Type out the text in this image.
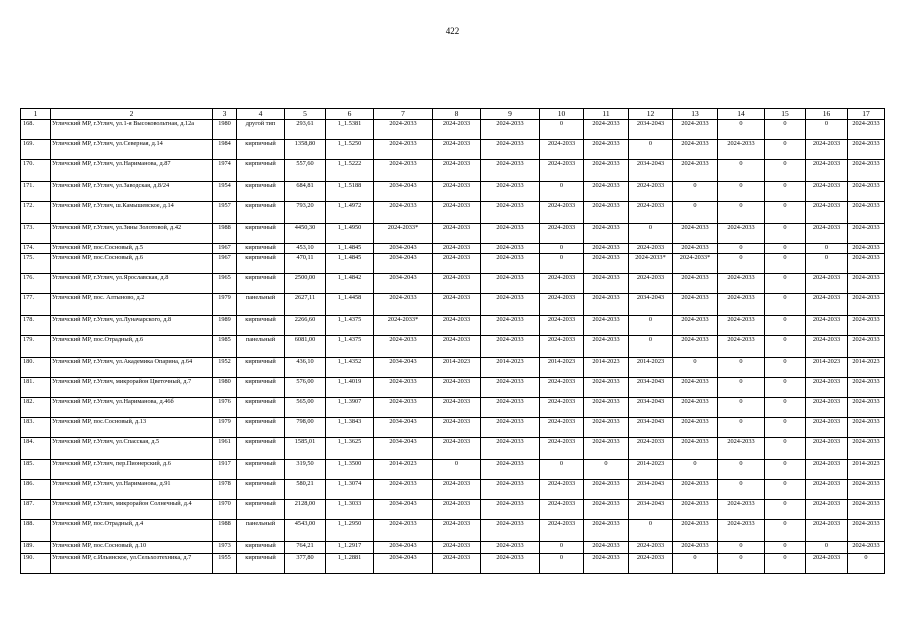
422
1	2	3	4	5	6	7	8	9	10	11	12	13	14	15	16	17
168.	Угличский МР, г.Углич, ул.1-я Высоковольтная, д.12а	1980	другой тип	293,61	1_1.5381	2024-2033	2024-2033	2024-2033	0	2024-2033	2034-2043	2024-2033	0	0	0	2024-2033
169.	Угличский МР, г.Углич, ул.Северная, д.14	1984	кирпичный	1358,80	1_1.5250	2024-2033	2024-2033	2024-2033	2024-2033	2024-2033	0	2024-2033	2024-2033	0	2024-2033	2024-2033
170.	Угличский МР, г.Углич, ул.Нариманова, д.87	1974	кирпичный	557,60	1_1.5222	2024-2033	2024-2033	2024-2033	2024-2033	2024-2033	2034-2043	2024-2033	0	0	2024-2033	2024-2033
171.	Угличский МР, г.Углич, ул.Заводская, д.8/24	1954	кирпичный	684,81	1_1.5188	2034-2043	2024-2033	2024-2033	0	2024-2033	2024-2033	0	0	0	2024-2033	2024-2033
172.	Угличский МР, г.Углич, ш.Камышевское, д.14	1957	кирпичный	793,20	1_1.4972	2024-2033	2024-2033	2024-2033	2024-2033	2024-2033	2024-2033	0	0	0	2024-2033	2024-2033
173.	Угличский МР, г.Углич, ул.Зины Золотовой, д.42	1988	кирпичный	4450,30	1_1.4950	2024-2033*	2024-2033	2024-2033	2024-2033	2024-2033	0	2024-2033	2024-2033	0	2024-2033	2024-2033
174.	Угличский МР, пос.Сосновый, д.5	1967	кирпичный	453,10	1_1.4845	2034-2043	2024-2033	2024-2033	0	2024-2033	2024-2033	2024-2033	0	0	0	2024-2033
175.	Угличский МР, пос.Сосновый, д.6	1967	кирпичный	470,11	1_1.4845	2034-2043	2024-2033	2024-2033	0	2024-2033	2024-2033*	2024-2033*	0	0	0	2024-2033
176.	Угличский МР, г.Углич, ул.Ярославская, д.8	1965	кирпичный	2500,00	1_1.4842	2034-2043	2024-2033	2024-2033	2024-2033	2024-2033	2024-2033	2024-2033	2024-2033	0	2024-2033	2024-2033
177.	Угличский МР, пос. Алтыново, д.2	1979	панельный	2627,11	1_1.4458	2024-2033	2024-2033	2024-2033	2024-2033	2024-2033	2034-2043	2024-2033	2024-2033	0	2024-2033	2024-2033
178.	Угличский МР, г.Углич, ул.Луначарского, д.8	1989	кирпичный	2266,60	1_1.4375	2024-2033*	2024-2033	2024-2033	2024-2033	2024-2033	0	2024-2033	2024-2033	0	2024-2033	2024-2033
179.	Угличский МР, пос.Отрадный, д.6	1985	панельный	6081,00	1_1.4375	2024-2033	2024-2033	2024-2033	2024-2033	2024-2033	0	2024-2033	2024-2033	0	2024-2033	2024-2033
180.	Угличский МР, г.Углич, ул.Академика Опарина, д.64	1952	кирпичный	436,10	1_1.4352	2034-2043	2014-2023	2014-2023	2014-2023	2014-2023	2014-2023	0	0	0	2014-2023	2014-2023
181.	Угличский МР, г.Углич, микрорайон Цветочный, д.7	1980	кирпичный	576,00	1_1.4019	2024-2033	2024-2033	2024-2033	2024-2033	2024-2033	2034-2043	2024-2033	0	0	2024-2033	2024-2033
182.	Угличский МР, г.Углич, ул.Нариманова, д.46б	1976	кирпичный	565,00	1_1.3907	2024-2033	2024-2033	2024-2033	2024-2033	2024-2033	2034-2043	2024-2033	0	0	2024-2033	2024-2033
183.	Угличский МР, пос.Сосновый, д.13	1979	кирпичный	798,00	1_1.3843	2034-2043	2024-2033	2024-2033	2024-2033	2024-2033	2034-2043	2024-2033	0	0	2024-2033	2024-2033
184.	Угличский МР, г.Углич, ул.Спасская, д.5	1961	кирпичный	1585,01	1_1.3625	2034-2043	2024-2033	2024-2033	2024-2033	2024-2033	2024-2033	2024-2033	2024-2033	0	2024-2033	2024-2033
185.	Угличский МР, г.Углич, пер.Пионерский, д.6	1917	кирпичный	319,50	1_1.3500	2014-2023	0	2024-2033	0	0	2014-2023	0	0	0	2024-2033	2014-2023
186.	Угличский МР, г.Углич, ул.Нариманова, д.91	1978	кирпичный	580,21	1_1.3074	2024-2033	2024-2033	2024-2033	2024-2033	2024-2033	2034-2043	2024-2033	0	0	2024-2033	2024-2033
187.	Угличский МР, г.Углич, микрорайон Солнечный, д.4	1970	кирпичный	2128,00	1_1.3033	2034-2043	2024-2033	2024-2033	2024-2033	2024-2033	2034-2043	2024-2033	2024-2033	0	2024-2033	2024-2033
188.	Угличский МР, пос.Отрадный, д.4	1988	панельный	4543,00	1_1.2950	2024-2033	2024-2033	2024-2033	2024-2033	2024-2033	0	2024-2033	2024-2033	0	2024-2033	2024-2033
189.	Угличский МР, пос.Сосновый, д.10	1973	кирпичный	764,21	1_1.2917	2034-2043	2024-2033	2024-2033	0	2024-2033	2024-2033	2024-2033	0	0	0	2024-2033
190.	Угличский МР, с.Ильинское, ул.Сельхозтехника, д.7	1955	кирпичный	377,80	1_1.2881	2034-2043	2024-2033	2024-2033	0	2024-2033	2024-2033	0	0	0	2024-2033	0
